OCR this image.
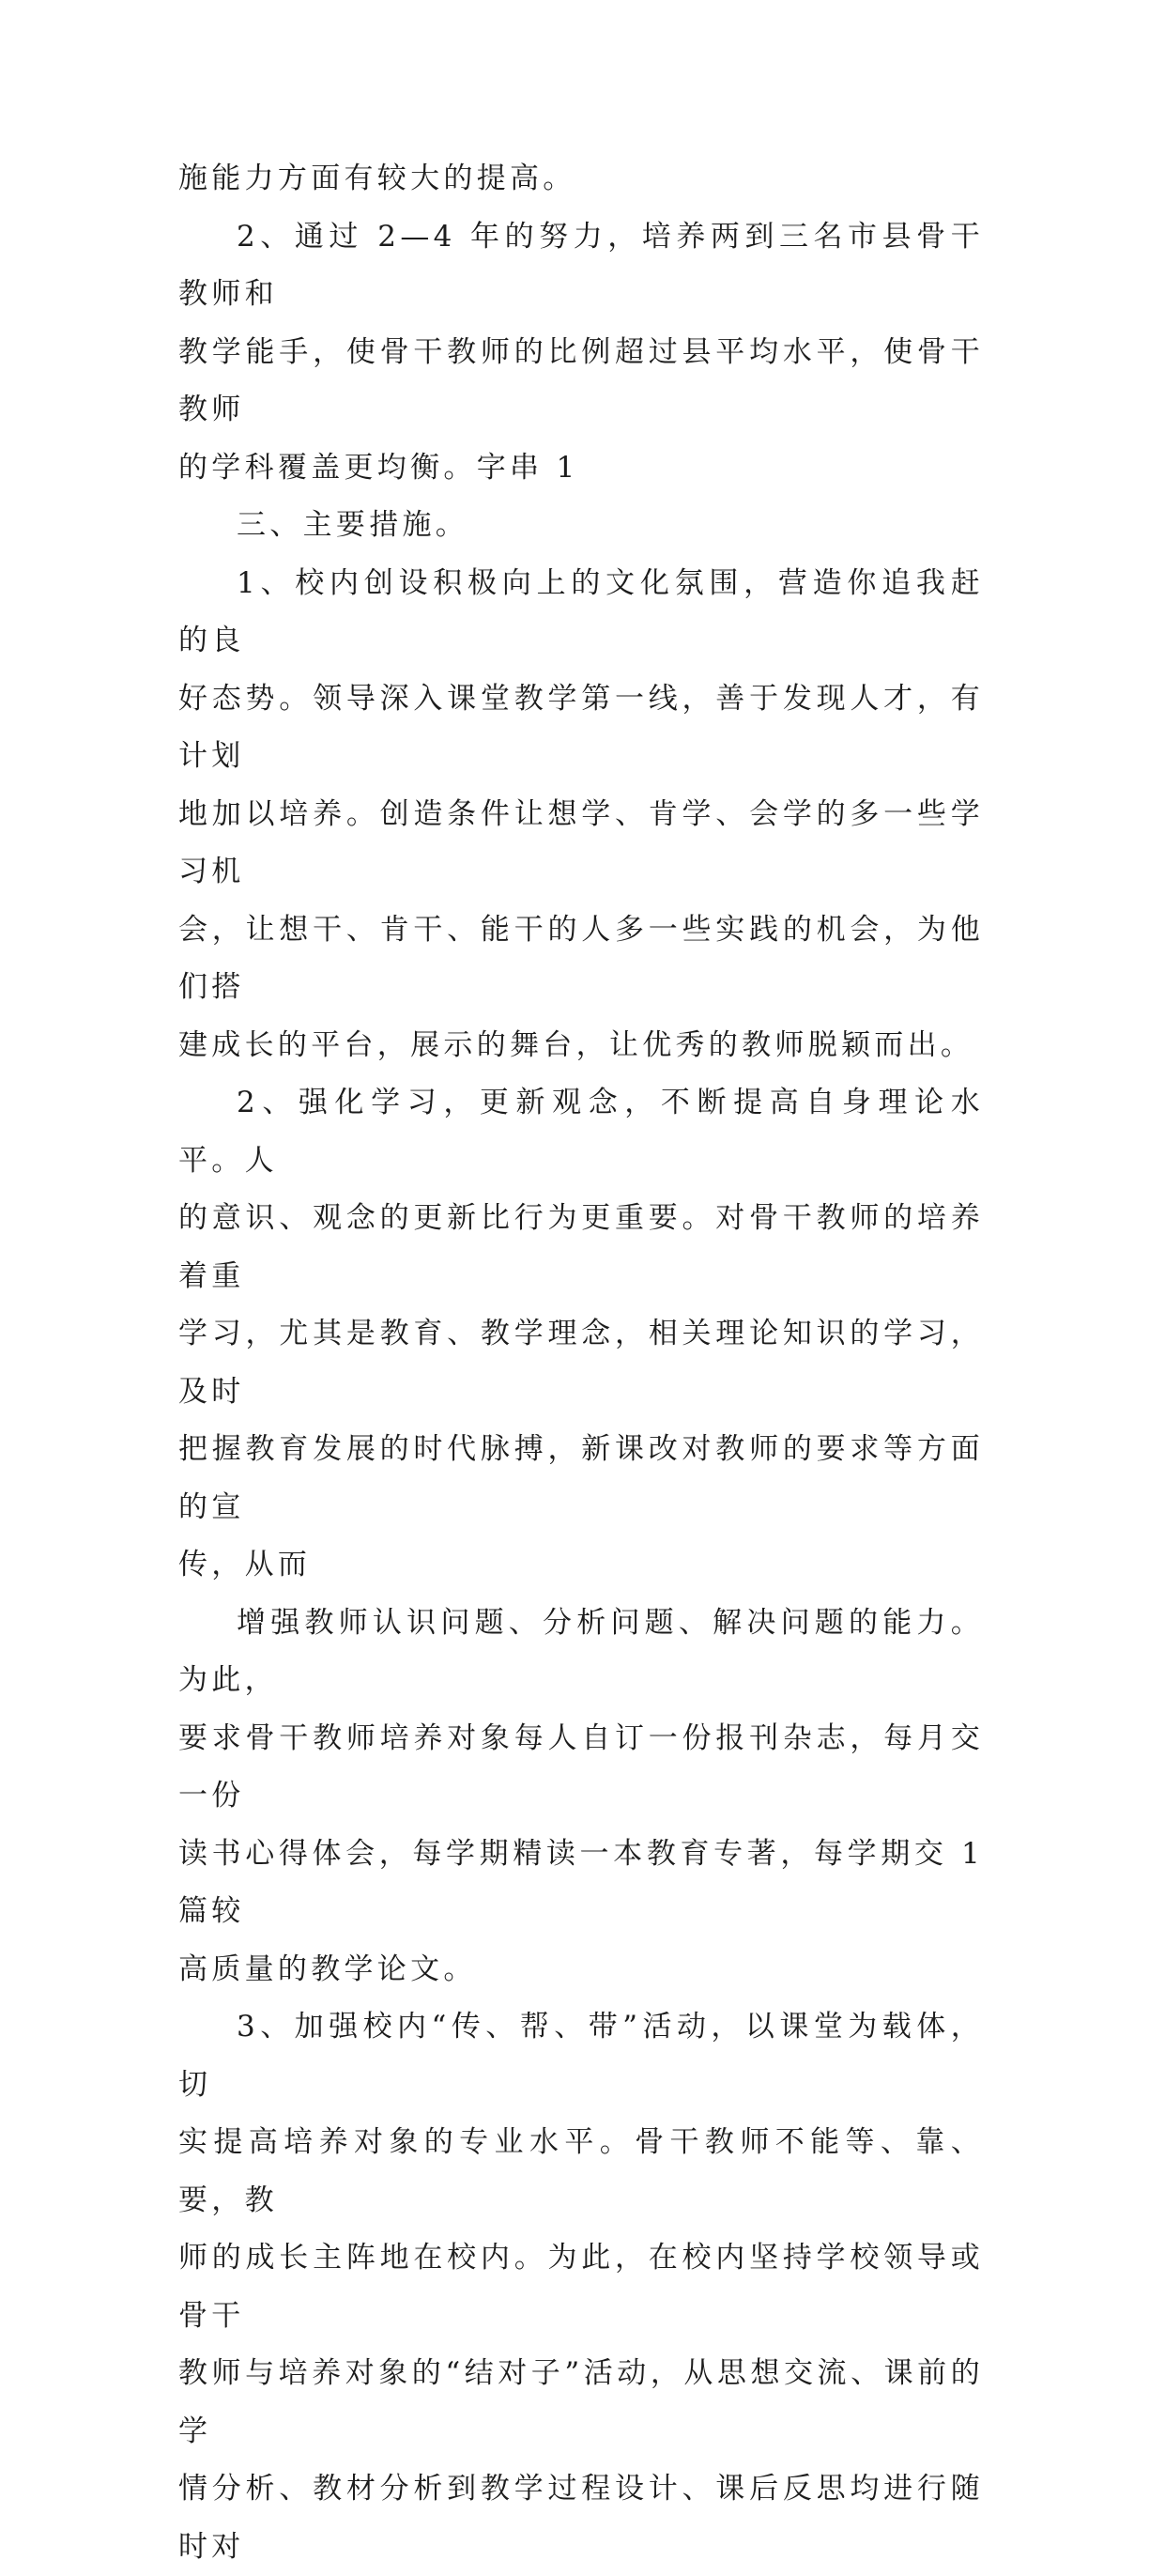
施能力方面有较大的提高。

2、通过 2—4 年的努力，培养两到三名市县骨干教师和
教学能手，使骨干教师的比例超过县平均水平，使骨干教师
的学科覆盖更均衡。字串 1

三、主要措施。

1、校内创设积极向上的文化氛围，营造你追我赶的良
好态势。领导深入课堂教学第一线，善于发现人才，有计划
地加以培养。创造条件让想学、肯学、会学的多一些学习机
会，让想干、肯干、能干的人多一些实践的机会，为他们搭
建成长的平台，展示的舞台，让优秀的教师脱颖而出。

2、强化学习，更新观念，不断提高自身理论水平。人
的意识、观念的更新比行为更重要。对骨干教师的培养着重
学习，尤其是教育、教学理念，相关理论知识的学习，及时
把握教育发展的时代脉搏，新课改对教师的要求等方面的宣
传，从而

增强教师认识问题、分析问题、解决问题的能力。为此，
要求骨干教师培养对象每人自订一份报刊杂志，每月交一份
读书心得体会，每学期精读一本教育专著，每学期交 1 篇较
高质量的教学论文。

3、加强校内“传、帮、带”活动，以课堂为载体，切
实提高培养对象的专业水平。骨干教师不能等、靠、要，教
师的成长主阵地在校内。为此，在校内坚持学校领导或骨干
教师与培养对象的“结对子”活动，从思想交流、课前的学
情分析、教材分析到教学过程设计、课后反思均进行随时对
